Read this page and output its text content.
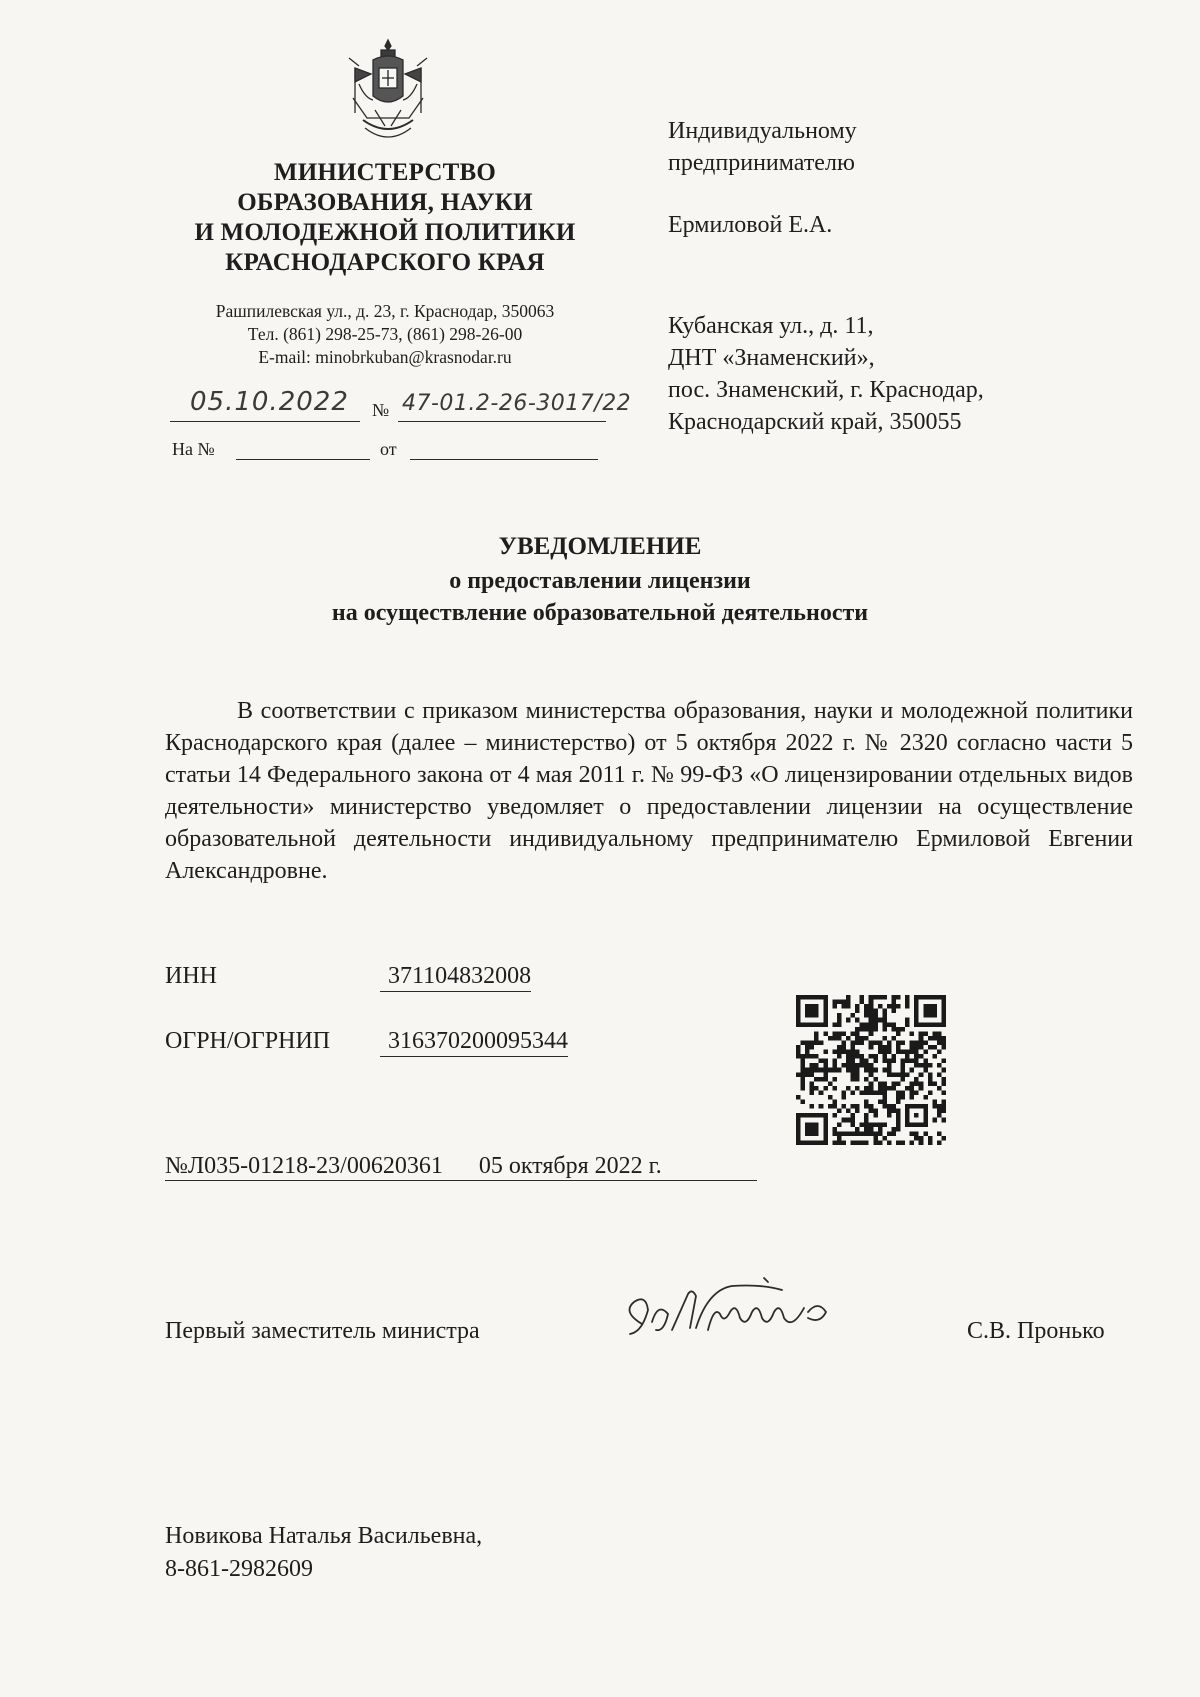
МИНИСТЕРСТВО
ОБРАЗОВАНИЯ, НАУКИ
И МОЛОДЕЖНОЙ ПОЛИТИКИ
КРАСНОДАРСКОГО КРАЯ
Рашпилевская ул., д. 23, г. Краснодар, 350063
Тел. (861) 298-25-73, (861) 298-26-00
E-mail: minobrkuban@krasnodar.ru
05.10.2022 № 47-01.2-26-3017/22
На №	от
Индивидуальному
предпринимателю
Ермиловой Е.А.
Кубанская ул., д. 11,
ДНТ «Знаменский»,
пос. Знаменский, г. Краснодар,
Краснодарский край, 350055
УВЕДОМЛЕНИЕ
о предоставлении лицензии
на осуществление образовательной деятельности

В соответствии с приказом министерства образования, науки и молодежной политики Краснодарского края (далее – министерство) от 5 октября 2022 г. № 2320 согласно части 5 статьи 14 Федерального закона от 4 мая 2011 г. № 99-ФЗ «О лицензировании отдельных видов деятельности» министерство уведомляет о предоставлении лицензии на осуществление образовательной деятельности индивидуальному предпринимателю Ермиловой Евгении Александровне.

ИНН	371104832008
ОГРН/ОГРНИП	316370200095344
№Л035-01218-23/00620361 05 октября 2022 г.
Первый заместитель министра	С.В. Пронько
Новикова Наталья Васильевна,
8-861-2982609
